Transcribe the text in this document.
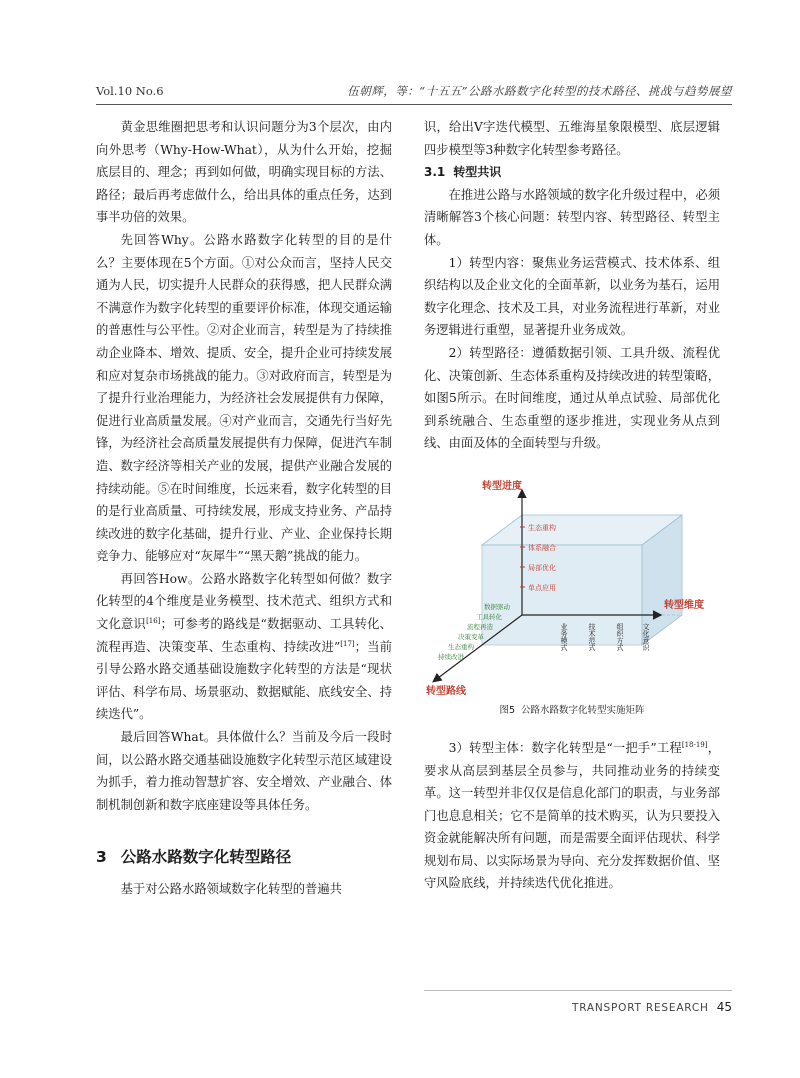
Vol.10 No.6	伍朝辉，等：“十五五”公路水路数字化转型的技术路径、挑战与趋势展望

黄金思维圈把思考和认识问题分为3个层次，由内向外思考（Why-How-What），从为什么开始，挖掘底层目的、理念；再到如何做，明确实现目标的方法、路径；最后再考虑做什么，给出具体的重点任务，达到事半功倍的效果。

先回答Why。公路水路数字化转型的目的是什么？主要体现在5个方面。①对公众而言，坚持人民交通为人民，切实提升人民群众的获得感，把人民群众满不满意作为数字化转型的重要评价标准，体现交通运输的普惠性与公平性。②对企业而言，转型是为了持续推动企业降本、增效、提质、安全，提升企业可持续发展和应对复杂市场挑战的能力。③对政府而言，转型是为了提升行业治理能力，为经济社会发展提供有力保障，促进行业高质量发展。④对产业而言，交通先行当好先锋，为经济社会高质量发展提供有力保障，促进汽车制造、数字经济等相关产业的发展，提供产业融合发展的持续动能。⑤在时间维度，长远来看，数字化转型的目的是行业高质量、可持续发展，形成支持业务、产品持续改进的数字化基础，提升行业、产业、企业保持长期竞争力、能够应对“灰犀牛”“黑天鹅”挑战的能力。

再回答How。公路水路数字化转型如何做？数字化转型的4个维度是业务模型、技术范式、组织方式和文化意识[16]；可参考的路线是“数据驱动、工具转化、流程再造、决策变革、生态重构、持续改进”[17]；当前引导公路水路交通基础设施数字化转型的方法是“现状评估、科学布局、场景驱动、数据赋能、底线安全、持续迭代”。

最后回答What。具体做什么？当前及今后一段时间，以公路水路交通基础设施数字化转型示范区域建设为抓手，着力推动智慧扩容、安全增效、产业融合、体制机制创新和数字底座建设等具体任务。

3 公路水路数字化转型路径

基于对公路水路领域数字化转型的普遍共

识，给出V字迭代模型、五维海星象限模型、底层逻辑四步模型等3种数字化转型参考路径。

3.1 转型共识

在推进公路与水路领域的数字化升级过程中，必须清晰解答3个核心问题：转型内容、转型路径、转型主体。

1）转型内容：聚焦业务运营模式、技术体系、组织结构以及企业文化的全面革新，以业务为基石，运用数字化理念、技术及工具，对业务流程进行革新，对业务逻辑进行重塑，显著提升业务成效。

2）转型路径：遵循数据引领、工具升级、流程优化、决策创新、生态体系重构及持续改进的转型策略，如图5所示。在时间维度，通过从单点试验、局部优化到系统融合、生态重塑的逐步推进，实现业务从点到线、由面及体的全面转型与升级。

转型进度
转型维度
转型路线
生态重构
体系融合
局部优化
单点应用
业务模式	技术范式	组织方式	文化意识
数据驱动
工具转化
流程再造
决策变革
生态重构
持续改进
图5 公路水路数字化转型实施矩阵

3）转型主体：数字化转型是“一把手”工程[18-19]，要求从高层到基层全员参与，共同推动业务的持续变革。这一转型并非仅仅是信息化部门的职责，与业务部门也息息相关；它不是简单的技术购买，认为只要投入资金就能解决所有问题，而是需要全面评估现状、科学规划布局、以实际场景为导向、充分发挥数据价值、坚守风险底线，并持续迭代优化推进。

TRANSPORT RESEARCH 45
